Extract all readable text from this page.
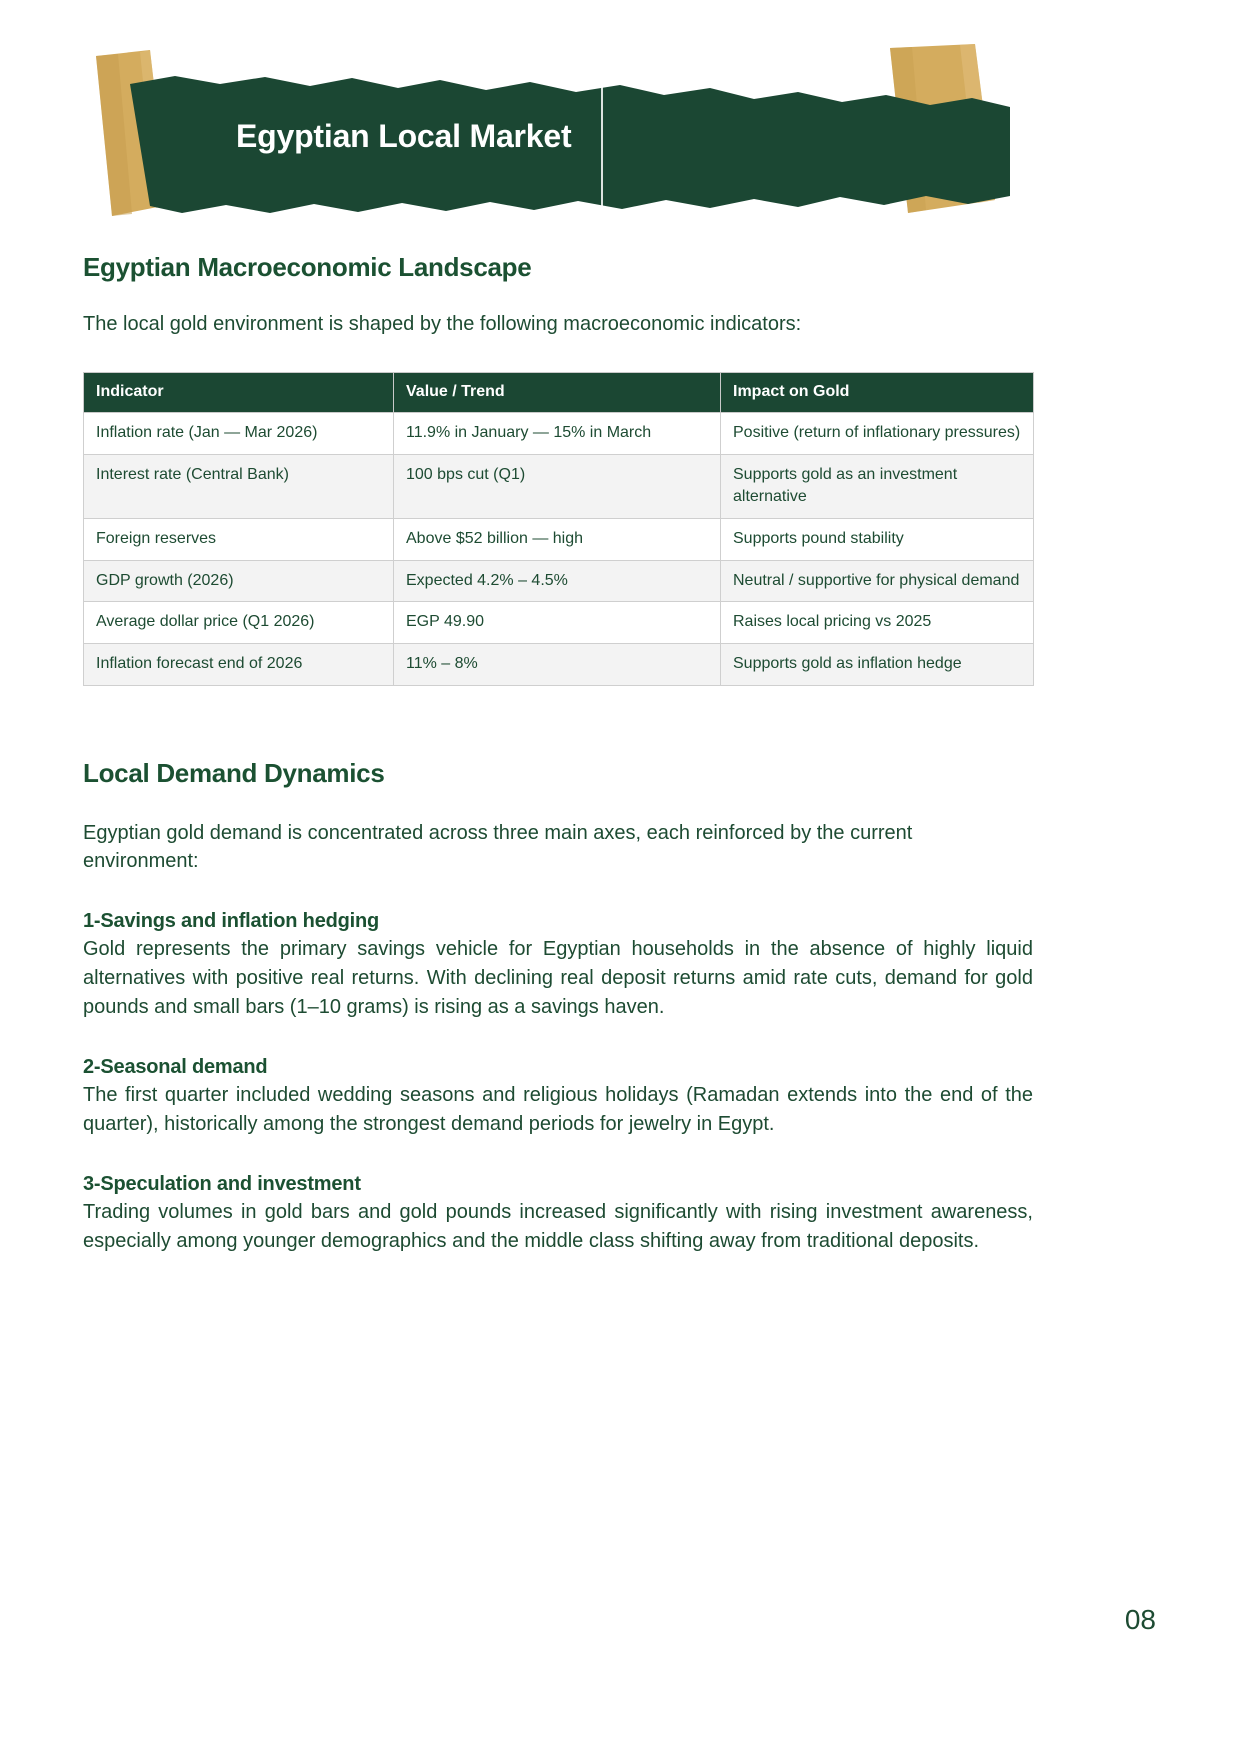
Egyptian Local Market
Egyptian Macroeconomic Landscape

The local gold environment is shaped by the following macroeconomic indicators:

Indicator	Value / Trend	Impact on Gold
Inflation rate (Jan — Mar 2026)	11.9% in January — 15% in March	Positive (return of inflationary pressures)
Interest rate (Central Bank)	100 bps cut (Q1)	Supports gold as an investment alternative
Foreign reserves	Above $52 billion — high	Supports pound stability
GDP growth (2026)	Expected 4.2% – 4.5%	Neutral / supportive for physical demand
Average dollar price (Q1 2026)	EGP 49.90	Raises local pricing vs 2025
Inflation forecast end of 2026	11% – 8%	Supports gold as inflation hedge
Local Demand Dynamics

Egyptian gold demand is concentrated across three main axes, each reinforced by the current environment:

1-Savings and inflation hedging

Gold represents the primary savings vehicle for Egyptian households in the absence of highly liquid alternatives with positive real returns. With declining real deposit returns amid rate cuts, demand for gold pounds and small bars (1–10 grams) is rising as a savings haven.

2-Seasonal demand

The first quarter included wedding seasons and religious holidays (Ramadan extends into the end of the quarter), historically among the strongest demand periods for jewelry in Egypt.

3-Speculation and investment

Trading volumes in gold bars and gold pounds increased significantly with rising investment awareness, especially among younger demographics and the middle class shifting away from traditional deposits.

08
